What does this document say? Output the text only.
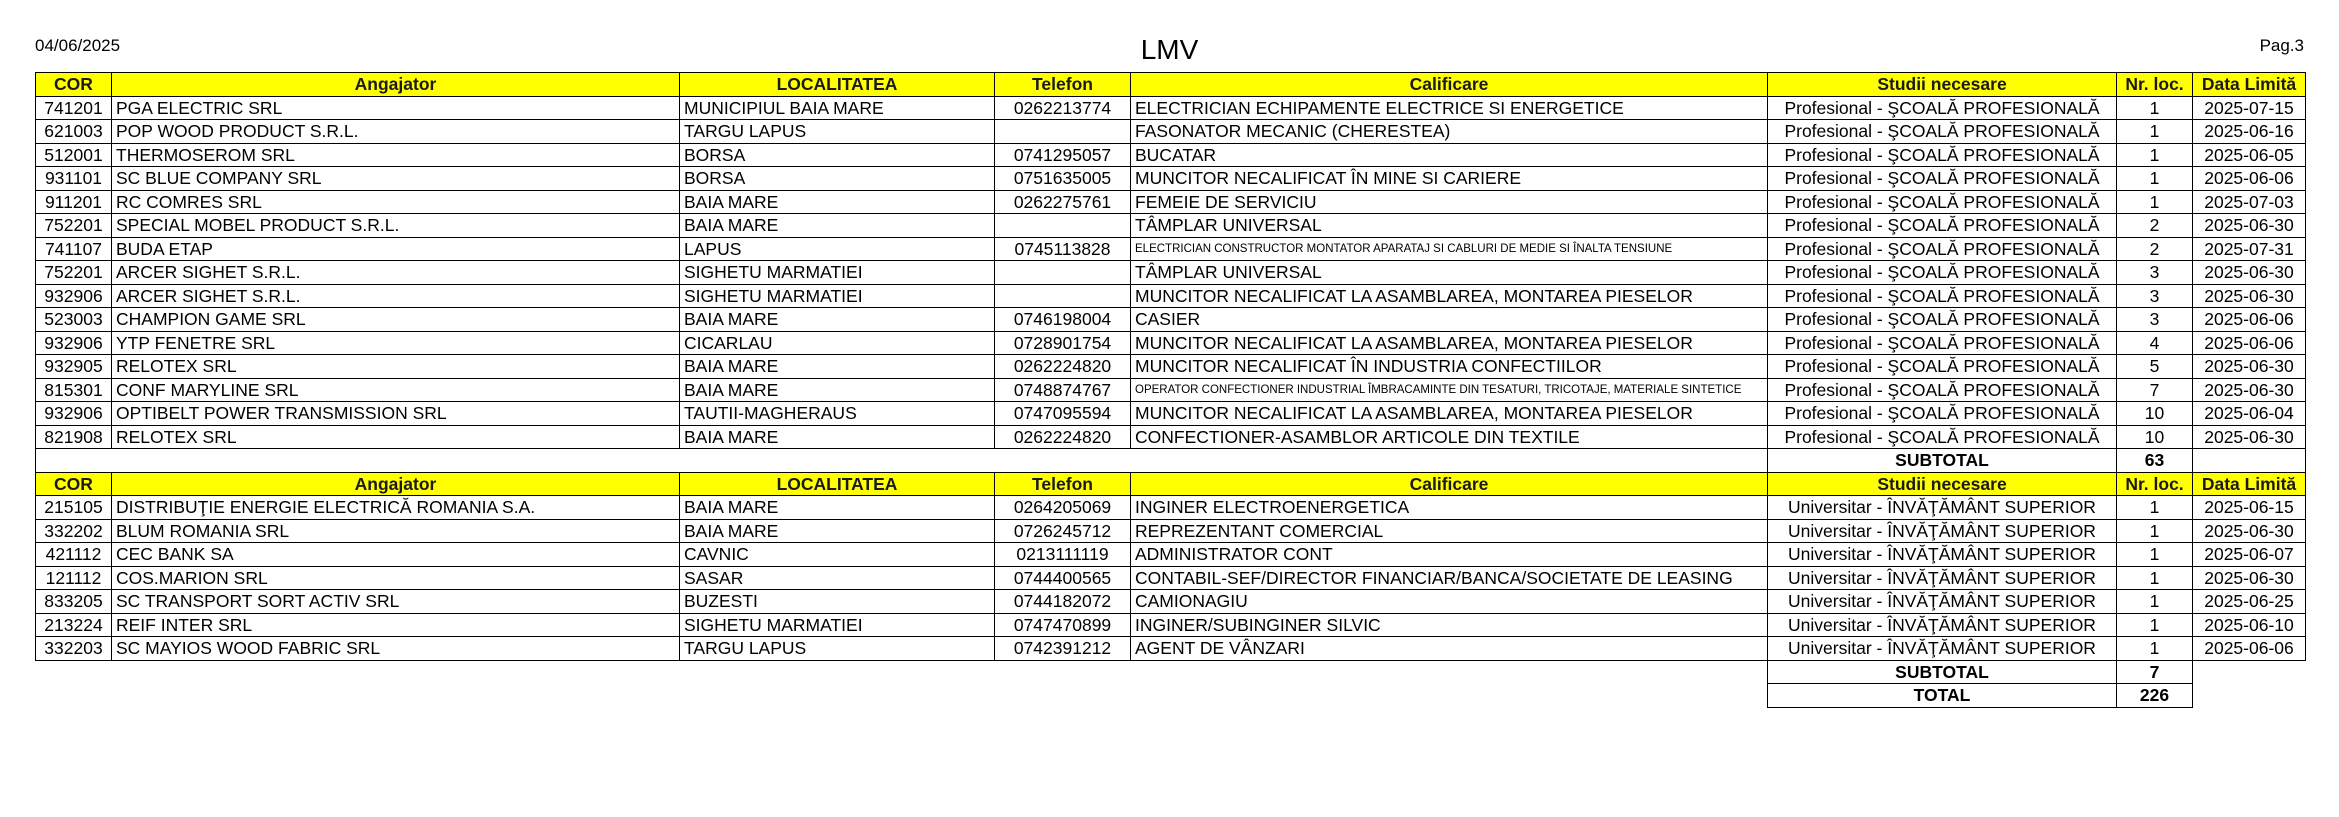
04/06/2025	LMV	Pag.3
COR	Angajator	LOCALITATEA	Telefon	Calificare	Studii necesare	Nr. loc.	Data Limită
741201	PGA ELECTRIC SRL	MUNICIPIUL BAIA MARE	0262213774	ELECTRICIAN ECHIPAMENTE ELECTRICE SI ENERGETICE	Profesional - ŞCOALĂ PROFESIONALĂ	1	2025-07-15
621003	POP WOOD PRODUCT S.R.L.	TARGU LAPUS		FASONATOR MECANIC (CHERESTEA)	Profesional - ŞCOALĂ PROFESIONALĂ	1	2025-06-16
512001	THERMOSEROM SRL	BORSA	0741295057	BUCATAR	Profesional - ŞCOALĂ PROFESIONALĂ	1	2025-06-05
931101	SC BLUE COMPANY SRL	BORSA	0751635005	MUNCITOR NECALIFICAT ÎN MINE SI CARIERE	Profesional - ŞCOALĂ PROFESIONALĂ	1	2025-06-06
911201	RC COMRES SRL	BAIA MARE	0262275761	FEMEIE DE SERVICIU	Profesional - ŞCOALĂ PROFESIONALĂ	1	2025-07-03
752201	SPECIAL MOBEL PRODUCT S.R.L.	BAIA MARE		TÂMPLAR UNIVERSAL	Profesional - ŞCOALĂ PROFESIONALĂ	2	2025-06-30
741107	BUDA ETAP	LAPUS	0745113828	ELECTRICIAN CONSTRUCTOR MONTATOR APARATAJ SI CABLURI DE MEDIE SI ÎNALTA TENSIUNE	Profesional - ŞCOALĂ PROFESIONALĂ	2	2025-07-31
752201	ARCER SIGHET S.R.L.	SIGHETU MARMATIEI		TÂMPLAR UNIVERSAL	Profesional - ŞCOALĂ PROFESIONALĂ	3	2025-06-30
932906	ARCER SIGHET S.R.L.	SIGHETU MARMATIEI		MUNCITOR NECALIFICAT LA ASAMBLAREA, MONTAREA PIESELOR	Profesional - ŞCOALĂ PROFESIONALĂ	3	2025-06-30
523003	CHAMPION GAME SRL	BAIA MARE	0746198004	CASIER	Profesional - ŞCOALĂ PROFESIONALĂ	3	2025-06-06
932906	YTP FENETRE SRL	CICARLAU	0728901754	MUNCITOR NECALIFICAT LA ASAMBLAREA, MONTAREA PIESELOR	Profesional - ŞCOALĂ PROFESIONALĂ	4	2025-06-06
932905	RELOTEX SRL	BAIA MARE	0262224820	MUNCITOR NECALIFICAT ÎN INDUSTRIA CONFECTIILOR	Profesional - ŞCOALĂ PROFESIONALĂ	5	2025-06-30
815301	CONF MARYLINE SRL	BAIA MARE	0748874767	OPERATOR CONFECTIONER INDUSTRIAL ÎMBRACAMINTE DIN TESATURI, TRICOTAJE, MATERIALE SINTETICE	Profesional - ŞCOALĂ PROFESIONALĂ	7	2025-06-30
932906	OPTIBELT POWER TRANSMISSION SRL	TAUTII-MAGHERAUS	0747095594	MUNCITOR NECALIFICAT LA ASAMBLAREA, MONTAREA PIESELOR	Profesional - ŞCOALĂ PROFESIONALĂ	10	2025-06-04
821908	RELOTEX SRL	BAIA MARE	0262224820	CONFECTIONER-ASAMBLOR ARTICOLE DIN TEXTILE	Profesional - ŞCOALĂ PROFESIONALĂ	10	2025-06-30
					SUBTOTAL	63	
COR	Angajator	LOCALITATEA	Telefon	Calificare	Studii necesare	Nr. loc.	Data Limită
215105	DISTRIBUŢIE ENERGIE ELECTRICĂ ROMANIA S.A.	BAIA MARE	0264205069	INGINER ELECTROENERGETICA	Universitar - ÎNVĂŢĂMÂNT SUPERIOR	1	2025-06-15
332202	BLUM ROMANIA SRL	BAIA MARE	0726245712	REPREZENTANT COMERCIAL	Universitar - ÎNVĂŢĂMÂNT SUPERIOR	1	2025-06-30
421112	CEC BANK SA	CAVNIC	0213111119	ADMINISTRATOR CONT	Universitar - ÎNVĂŢĂMÂNT SUPERIOR	1	2025-06-07
121112	COS.MARION SRL	SASAR	0744400565	CONTABIL-SEF/DIRECTOR FINANCIAR/BANCA/SOCIETATE DE LEASING	Universitar - ÎNVĂŢĂMÂNT SUPERIOR	1	2025-06-30
833205	SC TRANSPORT SORT ACTIV SRL	BUZESTI	0744182072	CAMIONAGIU	Universitar - ÎNVĂŢĂMÂNT SUPERIOR	1	2025-06-25
213224	REIF INTER SRL	SIGHETU MARMATIEI	0747470899	INGINER/SUBINGINER SILVIC	Universitar - ÎNVĂŢĂMÂNT SUPERIOR	1	2025-06-10
332203	SC MAYIOS WOOD FABRIC SRL	TARGU LAPUS	0742391212	AGENT DE VÂNZARI	Universitar - ÎNVĂŢĂMÂNT SUPERIOR	1	2025-06-06
					SUBTOTAL	7	
					TOTAL	226	
